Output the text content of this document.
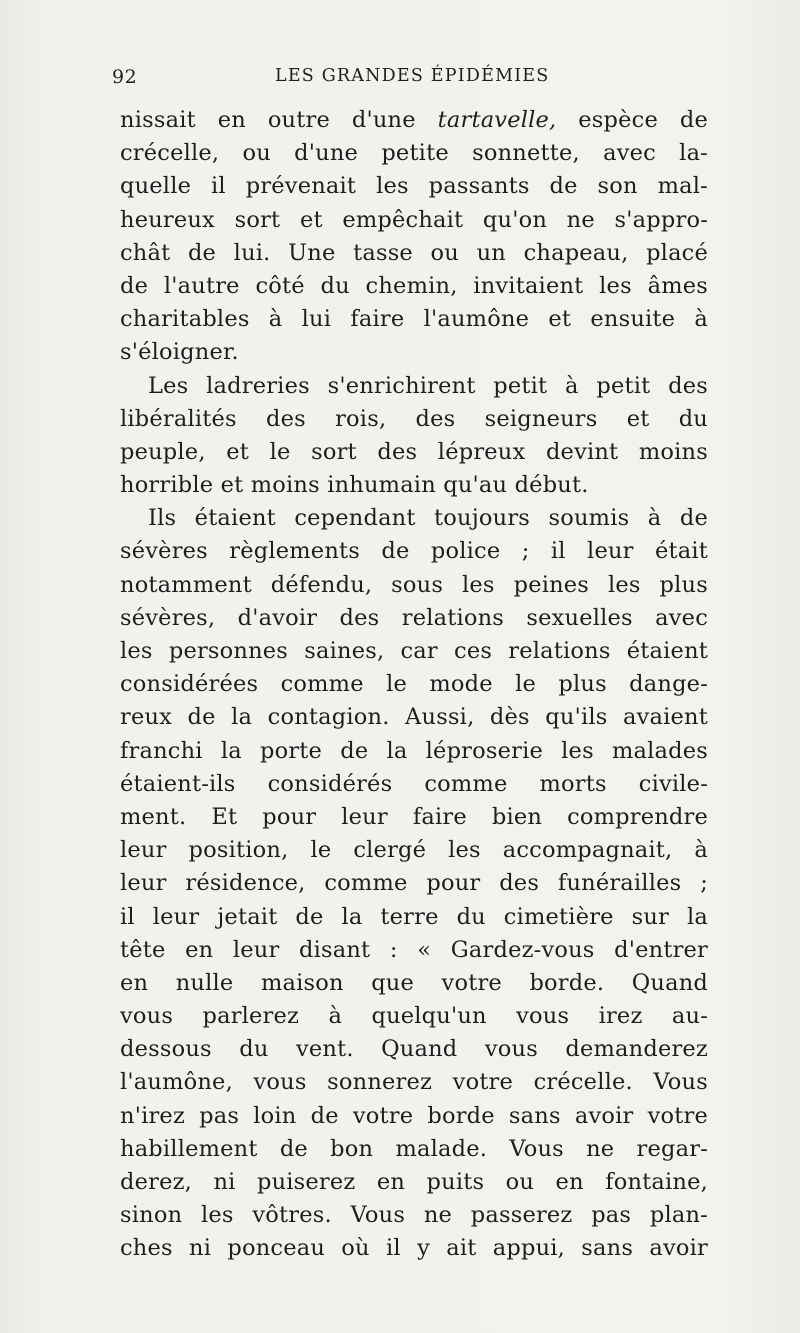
92	LES GRANDES ÉPIDÉMIES
nissait en outre d'une tartavelle, espèce de
crécelle, ou d'une petite sonnette, avec la-
quelle il prévenait les passants de son mal-
heureux sort et empêchait qu'on ne s'appro-
chât de lui. Une tasse ou un chapeau, placé
de l'autre côté du chemin, invitaient les âmes
charitables à lui faire l'aumône et ensuite à
s'éloigner.
Les ladreries s'enrichirent petit à petit des
libéralités des rois, des seigneurs et du
peuple, et le sort des lépreux devint moins
horrible et moins inhumain qu'au début.
Ils étaient cependant toujours soumis à de
sévères règlements de police ; il leur était
notamment défendu, sous les peines les plus
sévères, d'avoir des relations sexuelles avec
les personnes saines, car ces relations étaient
considérées comme le mode le plus dange-
reux de la contagion. Aussi, dès qu'ils avaient
franchi la porte de la léproserie les malades
étaient-ils considérés comme morts civile-
ment. Et pour leur faire bien comprendre
leur position, le clergé les accompagnait, à
leur résidence, comme pour des funérailles ;
il leur jetait de la terre du cimetière sur la
tête en leur disant : « Gardez-vous d'entrer
en nulle maison que votre borde. Quand
vous parlerez à quelqu'un vous irez au-
dessous du vent. Quand vous demanderez
l'aumône, vous sonnerez votre crécelle. Vous
n'irez pas loin de votre borde sans avoir votre
habillement de bon malade. Vous ne regar-
derez, ni puiserez en puits ou en fontaine,
sinon les vôtres. Vous ne passerez pas plan-
ches ni ponceau où il y ait appui, sans avoir
